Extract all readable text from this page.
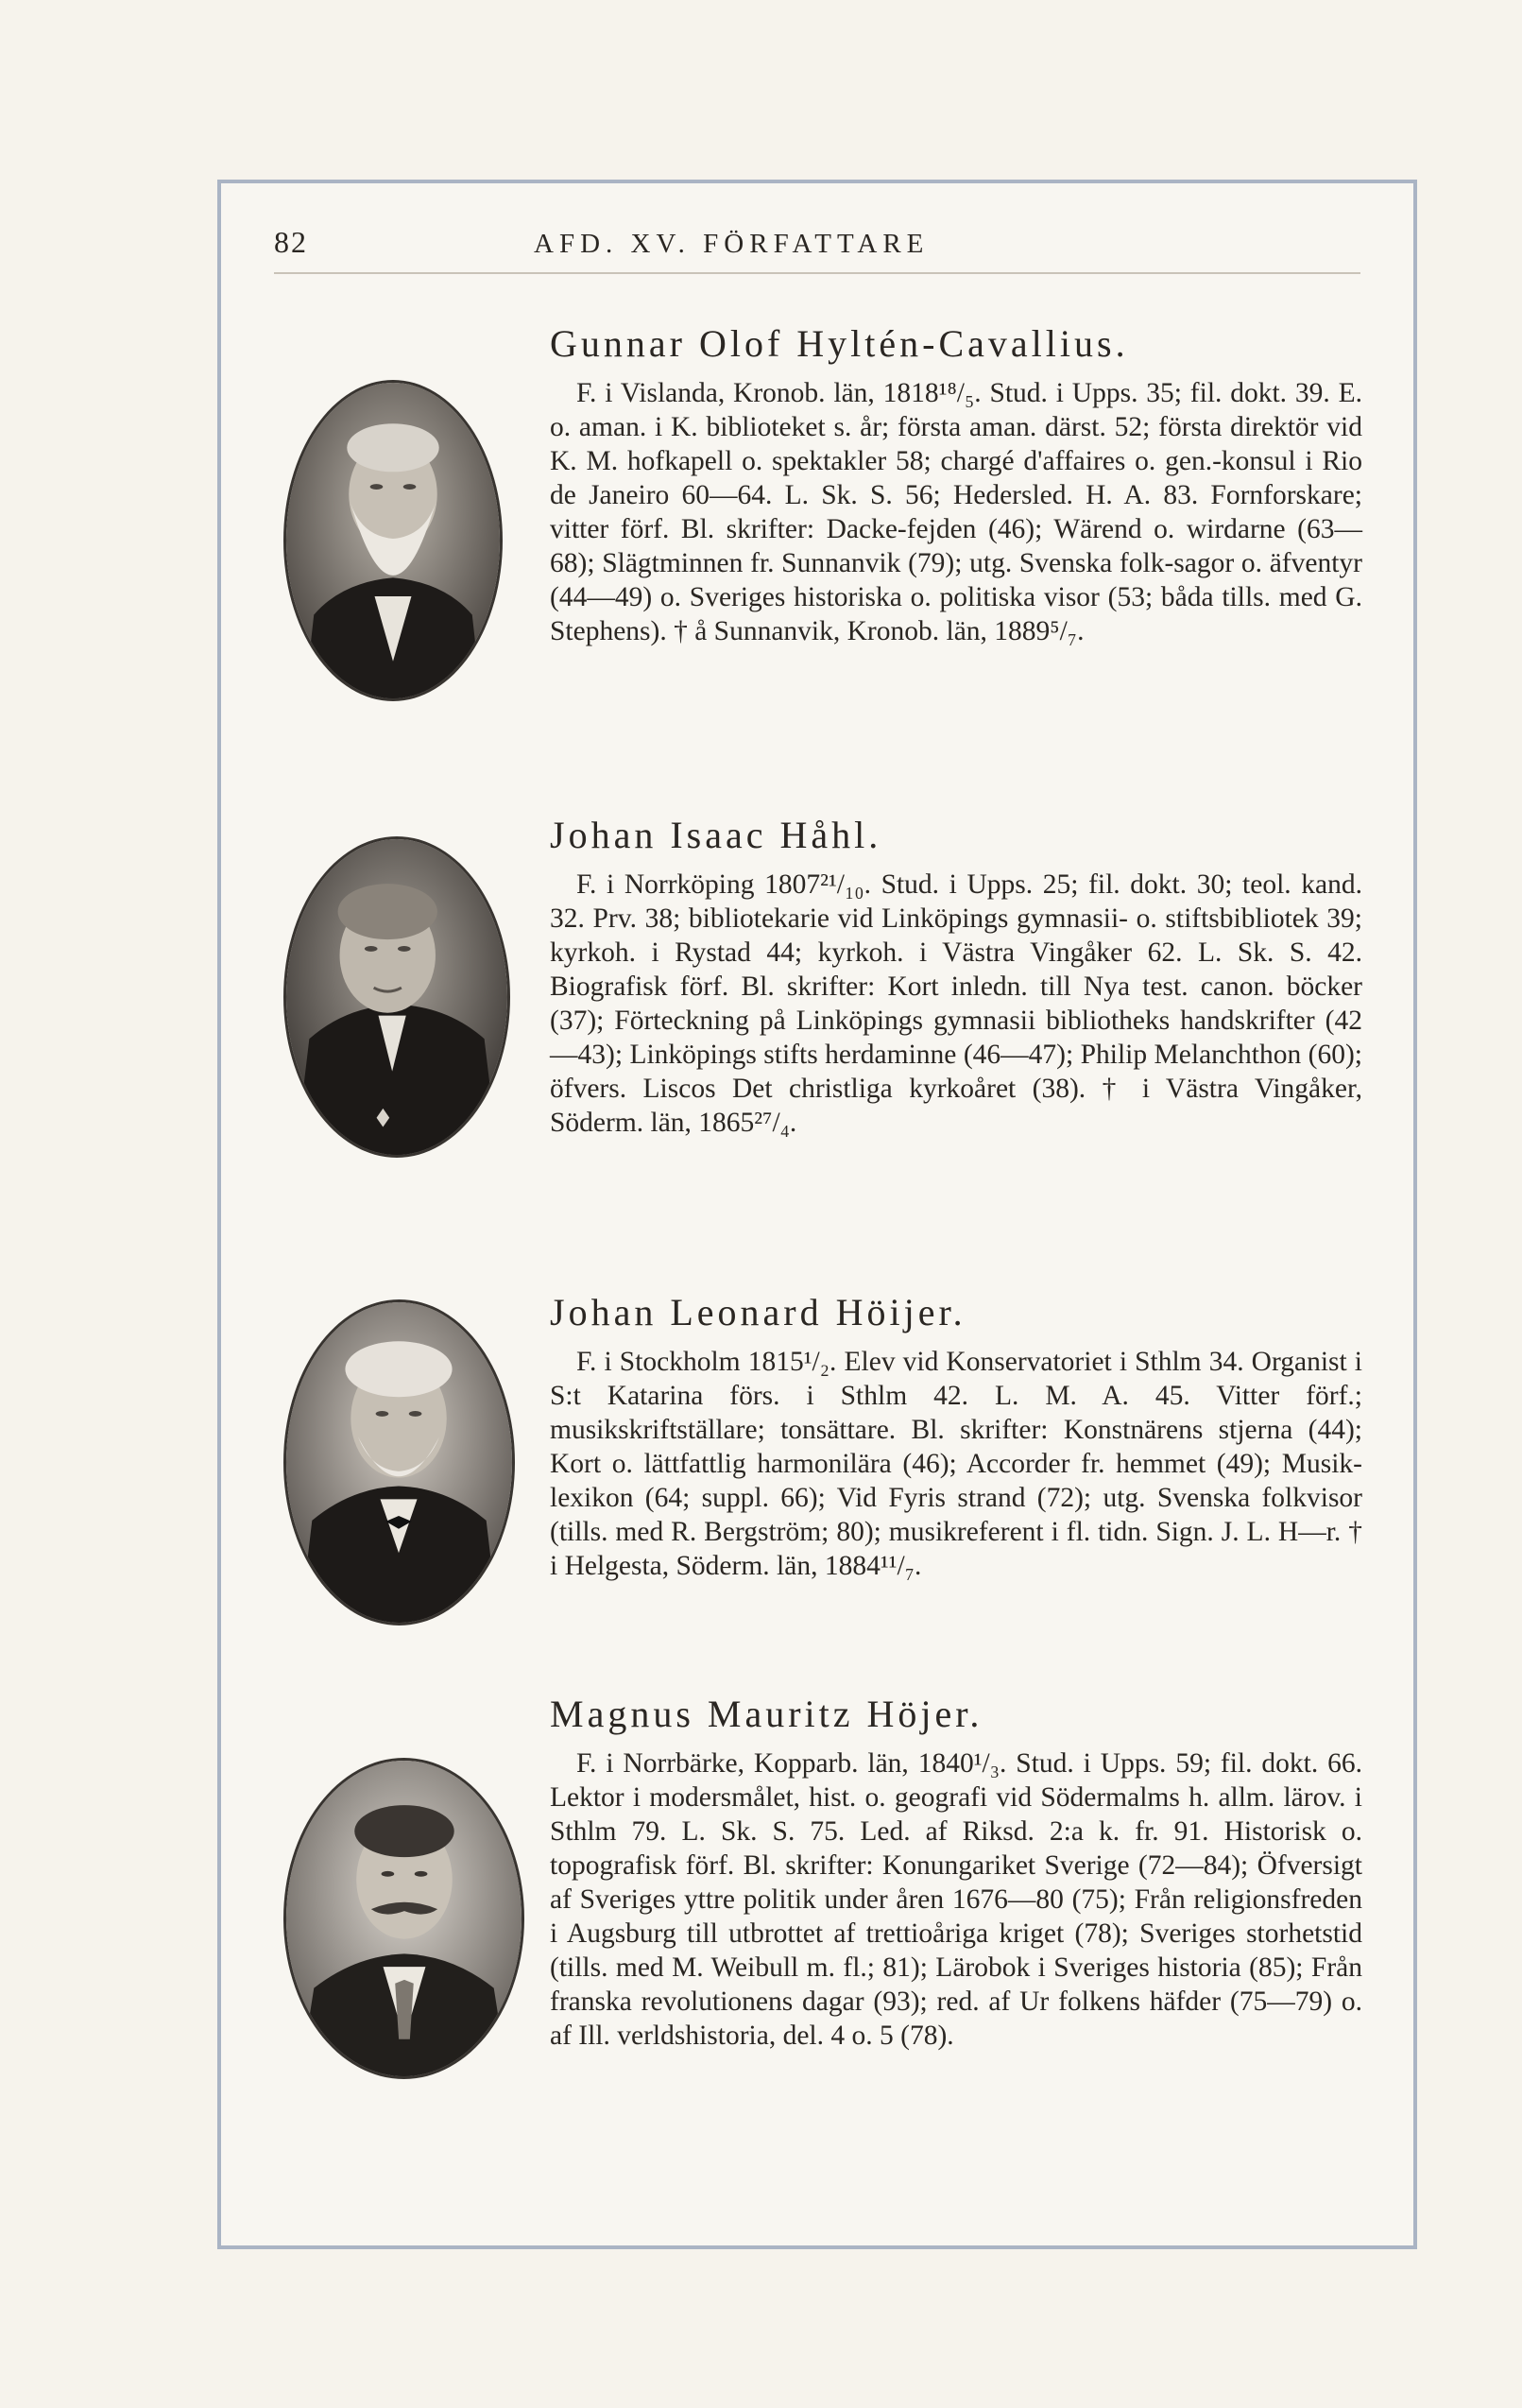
82	AFD. XV. FÖRFATTARE
Gunnar Olof Hyltén-Cavallius.

F. i Vislanda, Kronob. län, 1818¹⁸/₅. Stud. i Upps. 35; fil. dokt. 39. E. o. aman. i K. biblioteket s. år; första aman. därst. 52; första direktör vid K. M. hofkapell o. spektakler 58; chargé d'affaires o. gen.-konsul i Rio de Janeiro 60—64. L. Sk. S. 56; Hedersled. H. A. 83. Fornforskare; vitter förf. Bl. skrifter: Dacke-fejden (46); Wärend o. wirdarne (63—68); Slägtminnen fr. Sunnanvik (79); utg. Svenska folk-sagor o. äfventyr (44—49) o. Sveriges historiska o. politiska visor (53; båda tills. med G. Stephens). † å Sunnanvik, Kronob. län, 1889⁵/₇.

Johan Isaac Håhl.

F. i Norrköping 1807²¹/₁₀. Stud. i Upps. 25; fil. dokt. 30; teol. kand. 32. Prv. 38; bibliotekarie vid Linköpings gymnasii- o. stiftsbibliotek 39; kyrkoh. i Rystad 44; kyrkoh. i Västra Vingåker 62. L. Sk. S. 42. Biografisk förf. Bl. skrifter: Kort inledn. till Nya test. canon. böcker (37); Förteckning på Linköpings gymnasii bibliotheks handskrifter (42—43); Linköpings stifts herdaminne (46—47); Philip Melanchthon (60); öfvers. Liscos Det christliga kyrkoåret (38). † i Västra Vingåker, Söderm. län, 1865²⁷/₄.

Johan Leonard Höijer.

F. i Stockholm 1815¹/₂. Elev vid Konservatoriet i Sthlm 34. Organist i S:t Katarina förs. i Sthlm 42. L. M. A. 45. Vitter förf.; musikskriftställare; tonsättare. Bl. skrifter: Konstnärens stjerna (44); Kort o. lättfattlig harmonilära (46); Accorder fr. hemmet (49); Musik-lexikon (64; suppl. 66); Vid Fyris strand (72); utg. Svenska folkvisor (tills. med R. Bergström; 80); musikreferent i fl. tidn. Sign. J. L. H—r. † i Helgesta, Söderm. län, 1884¹¹/₇.

Magnus Mauritz Höjer.

F. i Norrbärke, Kopparb. län, 1840¹/₃. Stud. i Upps. 59; fil. dokt. 66. Lektor i modersmålet, hist. o. geografi vid Södermalms h. allm. lärov. i Sthlm 79. L. Sk. S. 75. Led. af Riksd. 2:a k. fr. 91. Historisk o. topografisk förf. Bl. skrifter: Konungariket Sverige (72—84); Öfversigt af Sveriges yttre politik under åren 1676—80 (75); Från religionsfreden i Augsburg till utbrottet af trettioåriga kriget (78); Sveriges storhetstid (tills. med M. Weibull m. fl.; 81); Lärobok i Sveriges historia (85); Från franska revolutionens dagar (93); red. af Ur folkens häfder (75—79) o. af Ill. verldshistoria, del. 4 o. 5 (78).
